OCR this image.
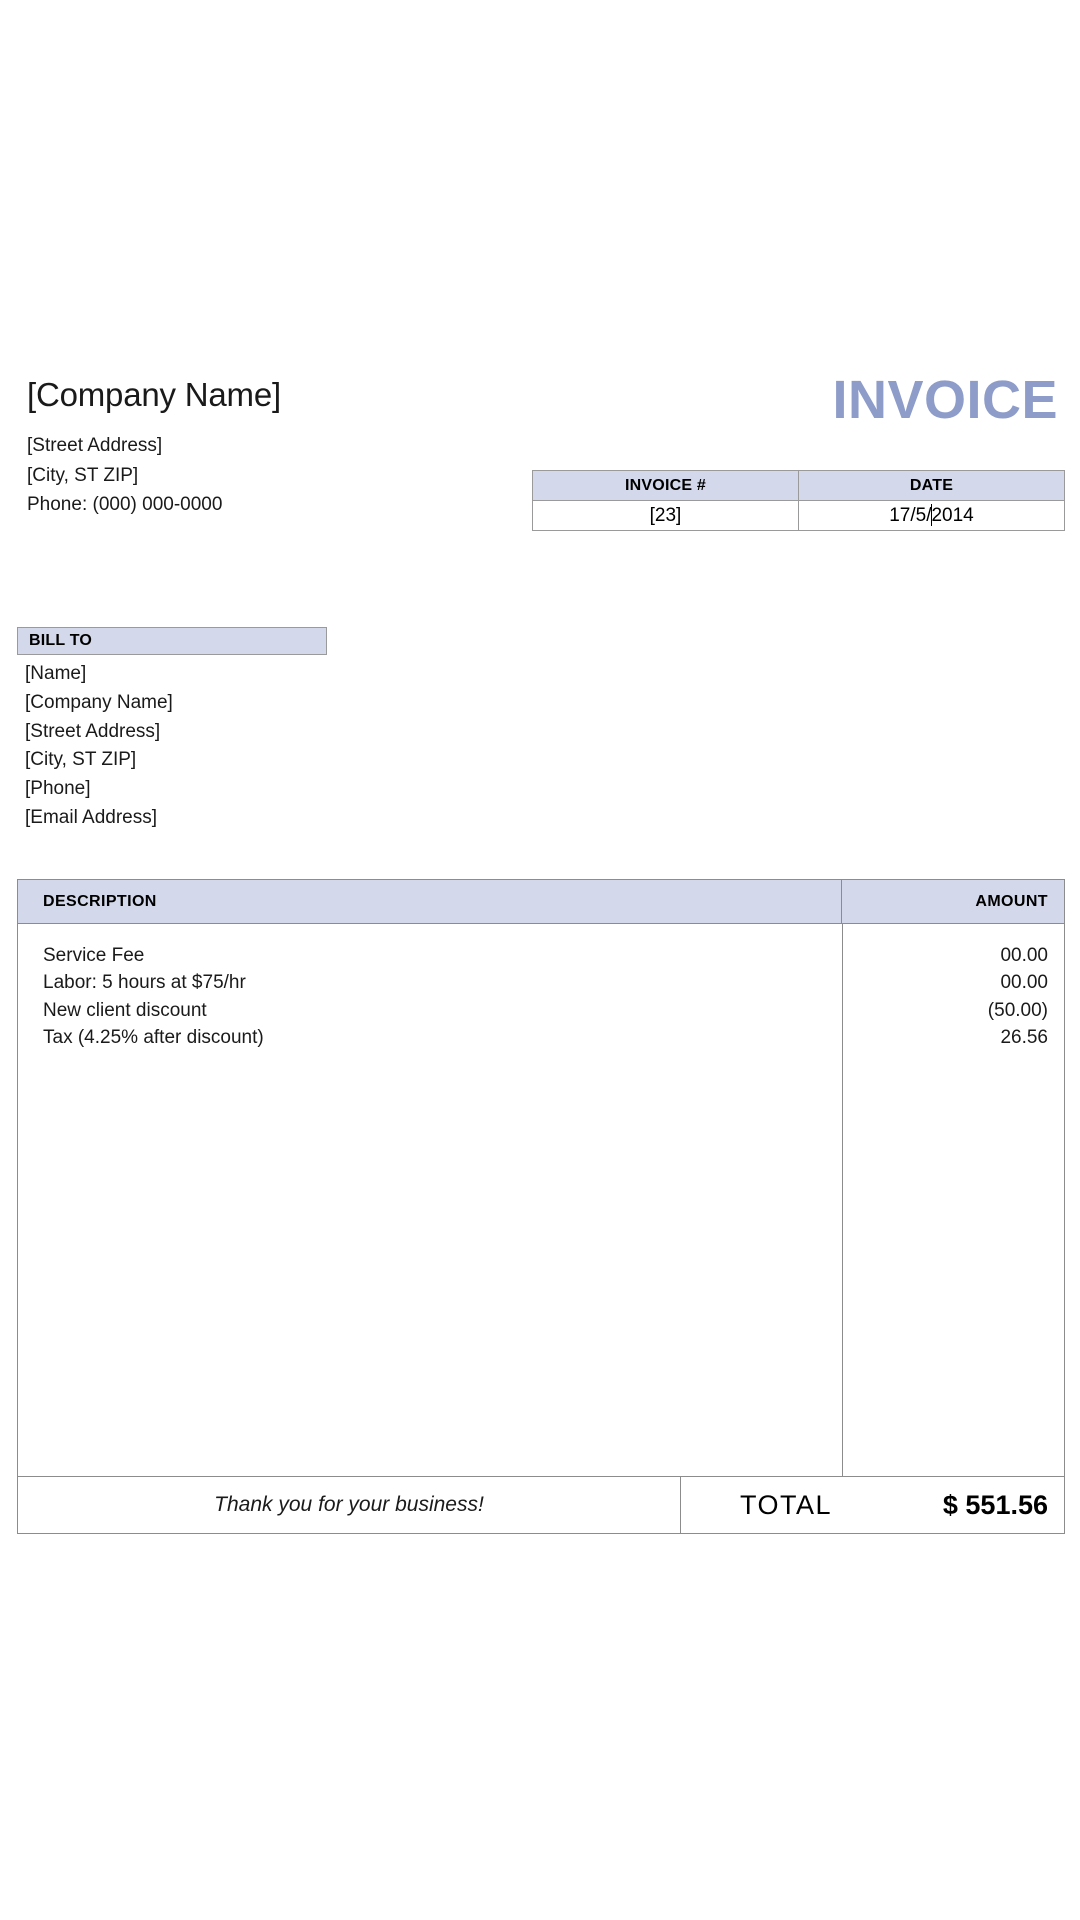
[Company Name]
[Street Address]
[City, ST ZIP]
Phone: (000) 000-0000
INVOICE
INVOICE #	DATE
[23]	17/5/2014
BILL TO
[Name]
[Company Name]
[Street Address]
[City, ST ZIP]
[Phone]
[Email Address]
DESCRIPTION	AMOUNT
Service Fee	00.00
Labor: 5 hours at $75/hr	00.00
New client discount	(50.00)
Tax (4.25% after discount)	26.56
Thank you for your business!	TOTAL	$ 551.56
